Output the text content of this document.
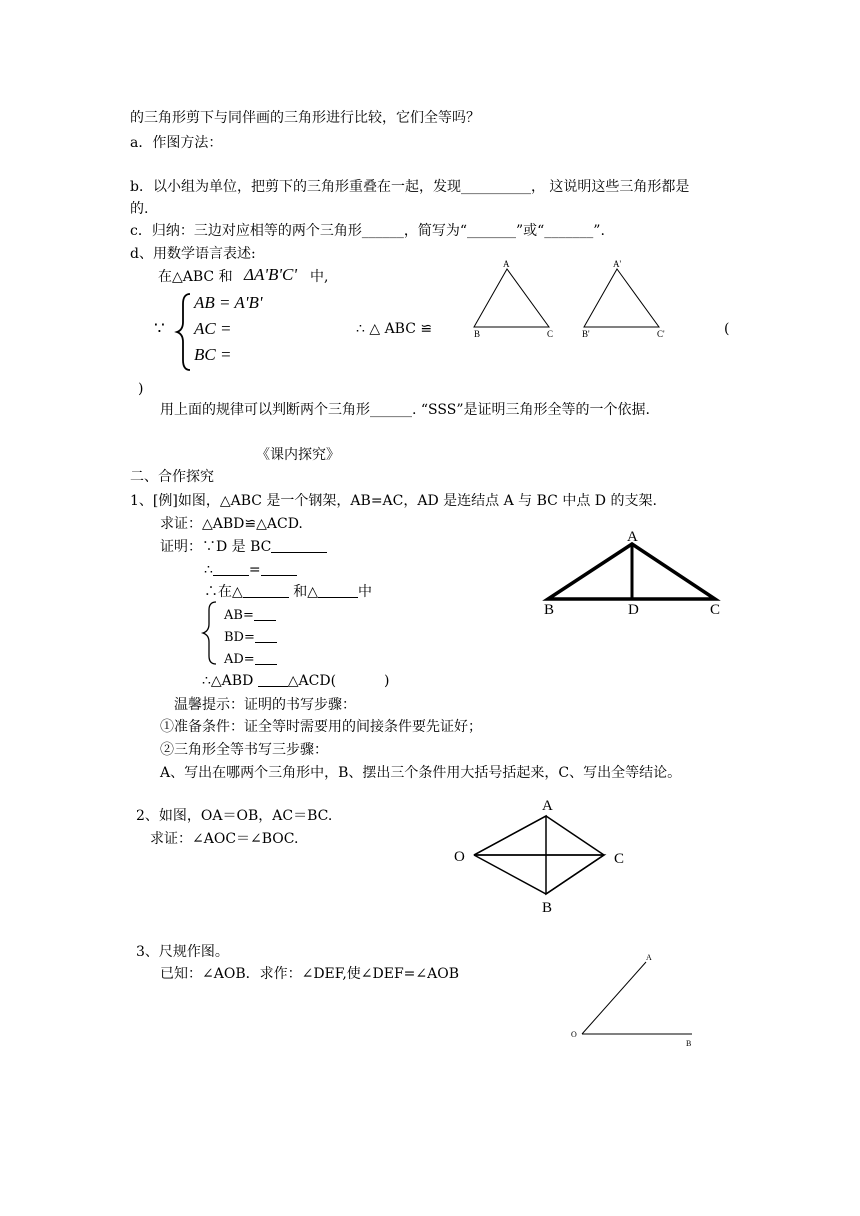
的三角形剪下与同伴画的三角形进行比较，它们全等吗？
a．作图方法：
b．以小组为单位，把剪下的三角形重叠在一起，发现__________， 这说明这些三角形都是
的.
c．归纳：三边对应相等的两个三角形______，简写为“_______”或“_______”.
d、用数学语言表述:
在△ABC 和 ΔA'B'C' 中,
∵
AB = A'B'
AC =
BC =
∴ △ ABC ≌	(
)
A
B	C
A'
B'	C'
用上面的规律可以判断两个三角形______. “SSS”是证明三角形全等的一个依据.
《课内探究》
二、合作探究
1、[例]如图，△ABC 是一个钢架，AB=AC，AD 是连结点 A 与 BC 中点 D 的支架.
求证：△ABD≌△ACD.
证明：∵D 是 BC
∴	=
∴在△	和△	中
AB=
BD=
AD=
∴△ABD △ACD(	)
A
B	D	C
温馨提示：证明的书写步骤：
①准备条件：证全等时需要用的间接条件要先证好；
②三角形全等书写三步骤：
A、写出在哪两个三角形中，B、摆出三个条件用大括号括起来，C、写出全等结论。
2、如图，OA＝OB，AC＝BC.
求证：∠AOC＝∠BOC.
A
O	C
B
3、尺规作图。
已知：∠AOB．求作：∠DEF,使∠DEF=∠AOB
A
O
B
